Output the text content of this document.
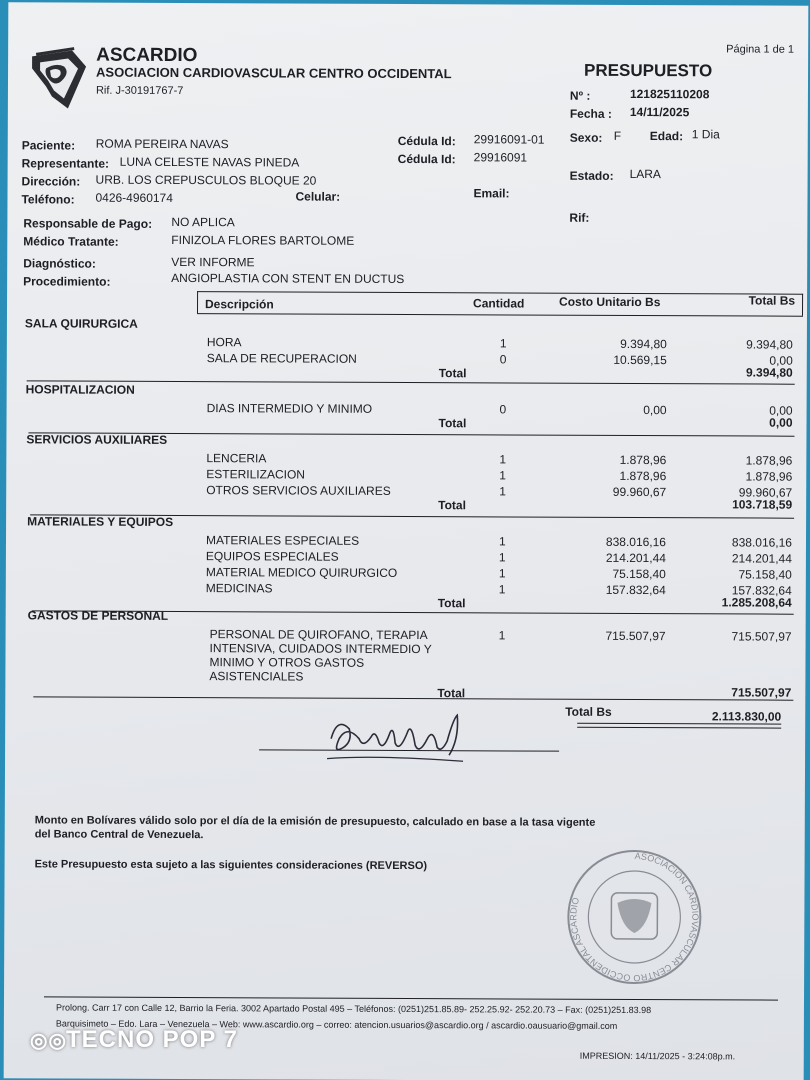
Página 1 de 1
ASCARDIO
ASOCIACION CARDIOVASCULAR CENTRO OCCIDENTAL
Rif. J-30191767-7
PRESUPUESTO
Nº :	121825110208
Fecha : 14/11/2025
Paciente: ROMA PEREIRA NAVAS
Representante: LUNA CELESTE NAVAS PINEDA
Dirección: URB. LOS CREPUSCULOS BLOQUE 20
Teléfono: 0426-4960174	Celular:
Cédula Id: 29916091-01
Cédula Id: 29916091
Email:
Sexo: F Edad: 1 Dia
Estado: LARA
Rif:
Responsable de Pago: NO APLICA
Médico Tratante:	FINIZOLA FLORES BARTOLOME
Diagnóstico:	VER INFORME
Procedimiento:	ANGIOPLASTIA CON STENT EN DUCTUS
Descripción	Cantidad	Costo Unitario Bs	Total Bs
SALA QUIRURGICA
HORA	1	9.394,80	9.394,80
SALA DE RECUPERACION	0	10.569,15	0,00
Total	9.394,80
HOSPITALIZACION
DIAS INTERMEDIO Y MINIMO	0	0,00	0,00
Total	0,00
SERVICIOS AUXILIARES
LENCERIA	1	1.878,96	1.878,96
ESTERILIZACION	1	1.878,96	1.878,96
OTROS SERVICIOS AUXILIARES	1	99.960,67	99.960,67
Total	103.718,59
MATERIALES Y EQUIPOS
MATERIALES ESPECIALES	1	838.016,16	838.016,16
EQUIPOS ESPECIALES	1	214.201,44	214.201,44
MATERIAL MEDICO QUIRURGICO	1	75.158,40	75.158,40
MEDICINAS	1	157.832,64	157.832,64
Total	1.285.208,64
GASTOS DE PERSONAL
PERSONAL DE QUIROFANO, TERAPIA
INTENSIVA, CUIDADOS INTERMEDIO Y
MINIMO Y OTROS GASTOS
ASISTENCIALES
1	715.507,97	715.507,97
Total	715.507,97
Total Bs	2.113.830,00
Monto en Bolívares válido solo por el día de la emisión de presupuesto, calculado en base a la tasa vigente
del Banco Central de Venezuela.
Este Presupuesto esta sujeto a las siguientes consideraciones (REVERSO)
ASOCIACION CARDIOVASCULAR CENTRO OCCIDENTAL ASCARDIO
Prolong. Carr 17 con Calle 12, Barrio la Feria. 3002 Apartado Postal 495 – Teléfonos: (0251)251.85.89- 252.25.92- 252.20.73 – Fax: (0251)251.83.98
Barquisimeto – Edo. Lara – Venezuela – Web: www.ascardio.org – correo: atencion.usuarios@ascardio.org / ascardio.oausuario@gmail.com
IMPRESION: 14/11/2025 - 3:24:08p.m.
◎◎TECNO POP 7
